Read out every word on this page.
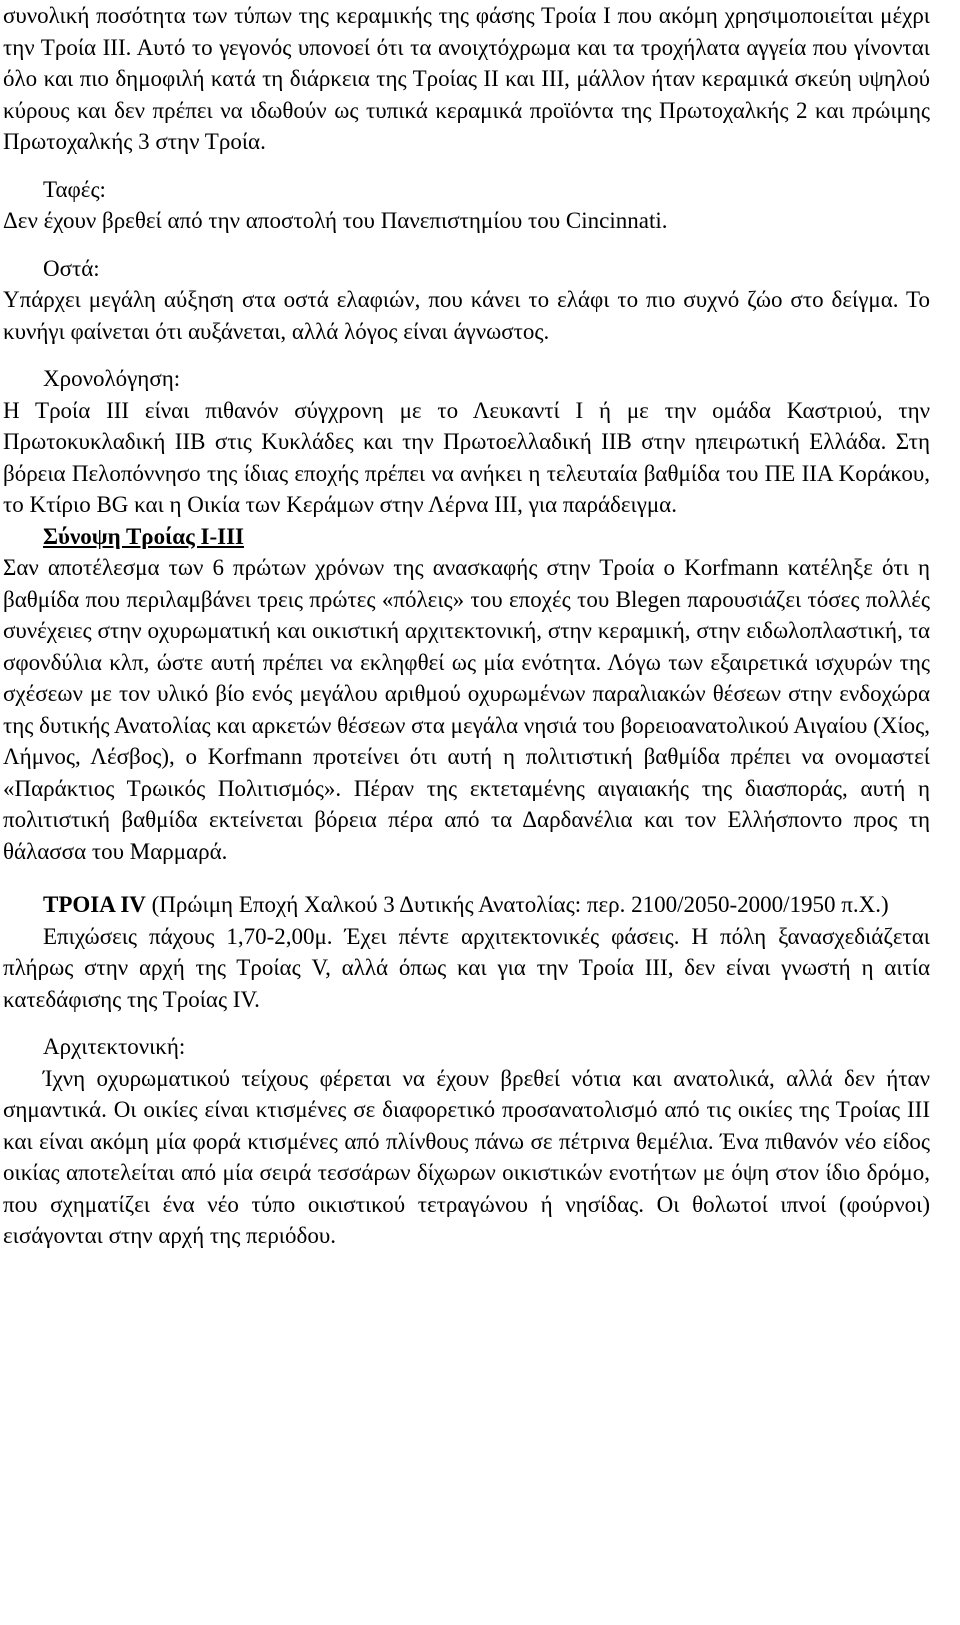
συνολική ποσότητα των τύπων της κεραμικής της φάσης Τροία Ι που ακόμη χρησιμοποιείται μέχρι την Τροία ΙΙΙ. Αυτό το γεγονός υπονοεί ότι τα ανοιχτόχρωμα και τα τροχήλατα αγγεία που γίνονται όλο και πιο δημοφιλή κατά τη διάρκεια της Τροίας ΙΙ και ΙΙΙ, μάλλον ήταν κεραμικά σκεύη υψηλού κύρους και δεν πρέπει να ιδωθούν ως τυπικά κεραμικά προϊόντα της Πρωτοχαλκής 2 και πρώιμης Πρωτοχαλκής 3 στην Τροία.

Ταφές:

Δεν έχουν βρεθεί από την αποστολή του Πανεπιστημίου του Cincinnati.

Οστά:

Υπάρχει μεγάλη αύξηση στα οστά ελαφιών, που κάνει το ελάφι το πιο συχνό ζώο στο δείγμα. Το κυνήγι φαίνεται ότι αυξάνεται, αλλά λόγος είναι άγνωστος.

Χρονολόγηση:

Η Τροία ΙΙΙ είναι πιθανόν σύγχρονη με το Λευκαντί Ι ή με την ομάδα Καστριού, την Πρωτοκυκλαδική ΙΙΒ στις Κυκλάδες και την Πρωτοελλαδική ΙΙΒ στην ηπειρωτική Ελλάδα. Στη βόρεια Πελοπόννησο της ίδιας εποχής πρέπει να ανήκει η τελευταία βαθμίδα του ΠΕ ΙΙΑ Κοράκου, το Κτίριο BG και η Οικία των Κεράμων στην Λέρνα ΙΙΙ, για παράδειγμα.

Σύνοψη Τροίας Ι-ΙΙΙ

Σαν αποτέλεσμα των 6 πρώτων χρόνων της ανασκαφής στην Τροία ο Korfmann κατέληξε ότι η βαθμίδα που περιλαμβάνει τρεις πρώτες «πόλεις» του εποχές του Blegen παρουσιάζει τόσες πολλές συνέχειες στην οχυρωματική και οικιστική αρχιτεκτονική, στην κεραμική, στην ειδωλοπλαστική, τα σφονδύλια κλπ, ώστε αυτή πρέπει να εκληφθεί ως μία ενότητα. Λόγω των εξαιρετικά ισχυρών της σχέσεων με τον υλικό βίο ενός μεγάλου αριθμού οχυρωμένων παραλιακών θέσεων στην ενδοχώρα της δυτικής Ανατολίας και αρκετών θέσεων στα μεγάλα νησιά του βορειοανατολικού Αιγαίου (Χίος, Λήμνος, Λέσβος), ο Korfmann προτείνει ότι αυτή η πολιτιστική βαθμίδα πρέπει να ονομαστεί «Παράκτιος Τρωικός Πολιτισμός». Πέραν της εκτεταμένης αιγαιακής της διασποράς, αυτή η πολιτιστική βαθμίδα εκτείνεται βόρεια πέρα από τα Δαρδανέλια και τον Ελλήσποντο προς τη θάλασσα του Μαρμαρά.

ΤΡΟΙΑ IV (Πρώιμη Εποχή Χαλκού 3 Δυτικής Ανατολίας: περ. 2100/2050-2000/1950 π.Χ.)

Επιχώσεις πάχους 1,70-2,00μ. Έχει πέντε αρχιτεκτονικές φάσεις. Η πόλη ξανασχεδιάζεται πλήρως στην αρχή της Τροίας V, αλλά όπως και για την Τροία ΙΙΙ, δεν είναι γνωστή η αιτία κατεδάφισης της Τροίας IV.

Αρχιτεκτονική:

Ίχνη οχυρωματικού τείχους φέρεται να έχουν βρεθεί νότια και ανατολικά, αλλά δεν ήταν σημαντικά. Οι οικίες είναι κτισμένες σε διαφορετικό προσανατολισμό από τις οικίες της Τροίας ΙΙΙ και είναι ακόμη μία φορά κτισμένες από πλίνθους πάνω σε πέτρινα θεμέλια. Ένα πιθανόν νέο είδος οικίας αποτελείται από μία σειρά τεσσάρων δίχωρων οικιστικών ενοτήτων με όψη στον ίδιο δρόμο, που σχηματίζει ένα νέο τύπο οικιστικού τετραγώνου ή νησίδας. Οι θολωτοί ιπνοί (φούρνοι) εισάγονται στην αρχή της περιόδου.
